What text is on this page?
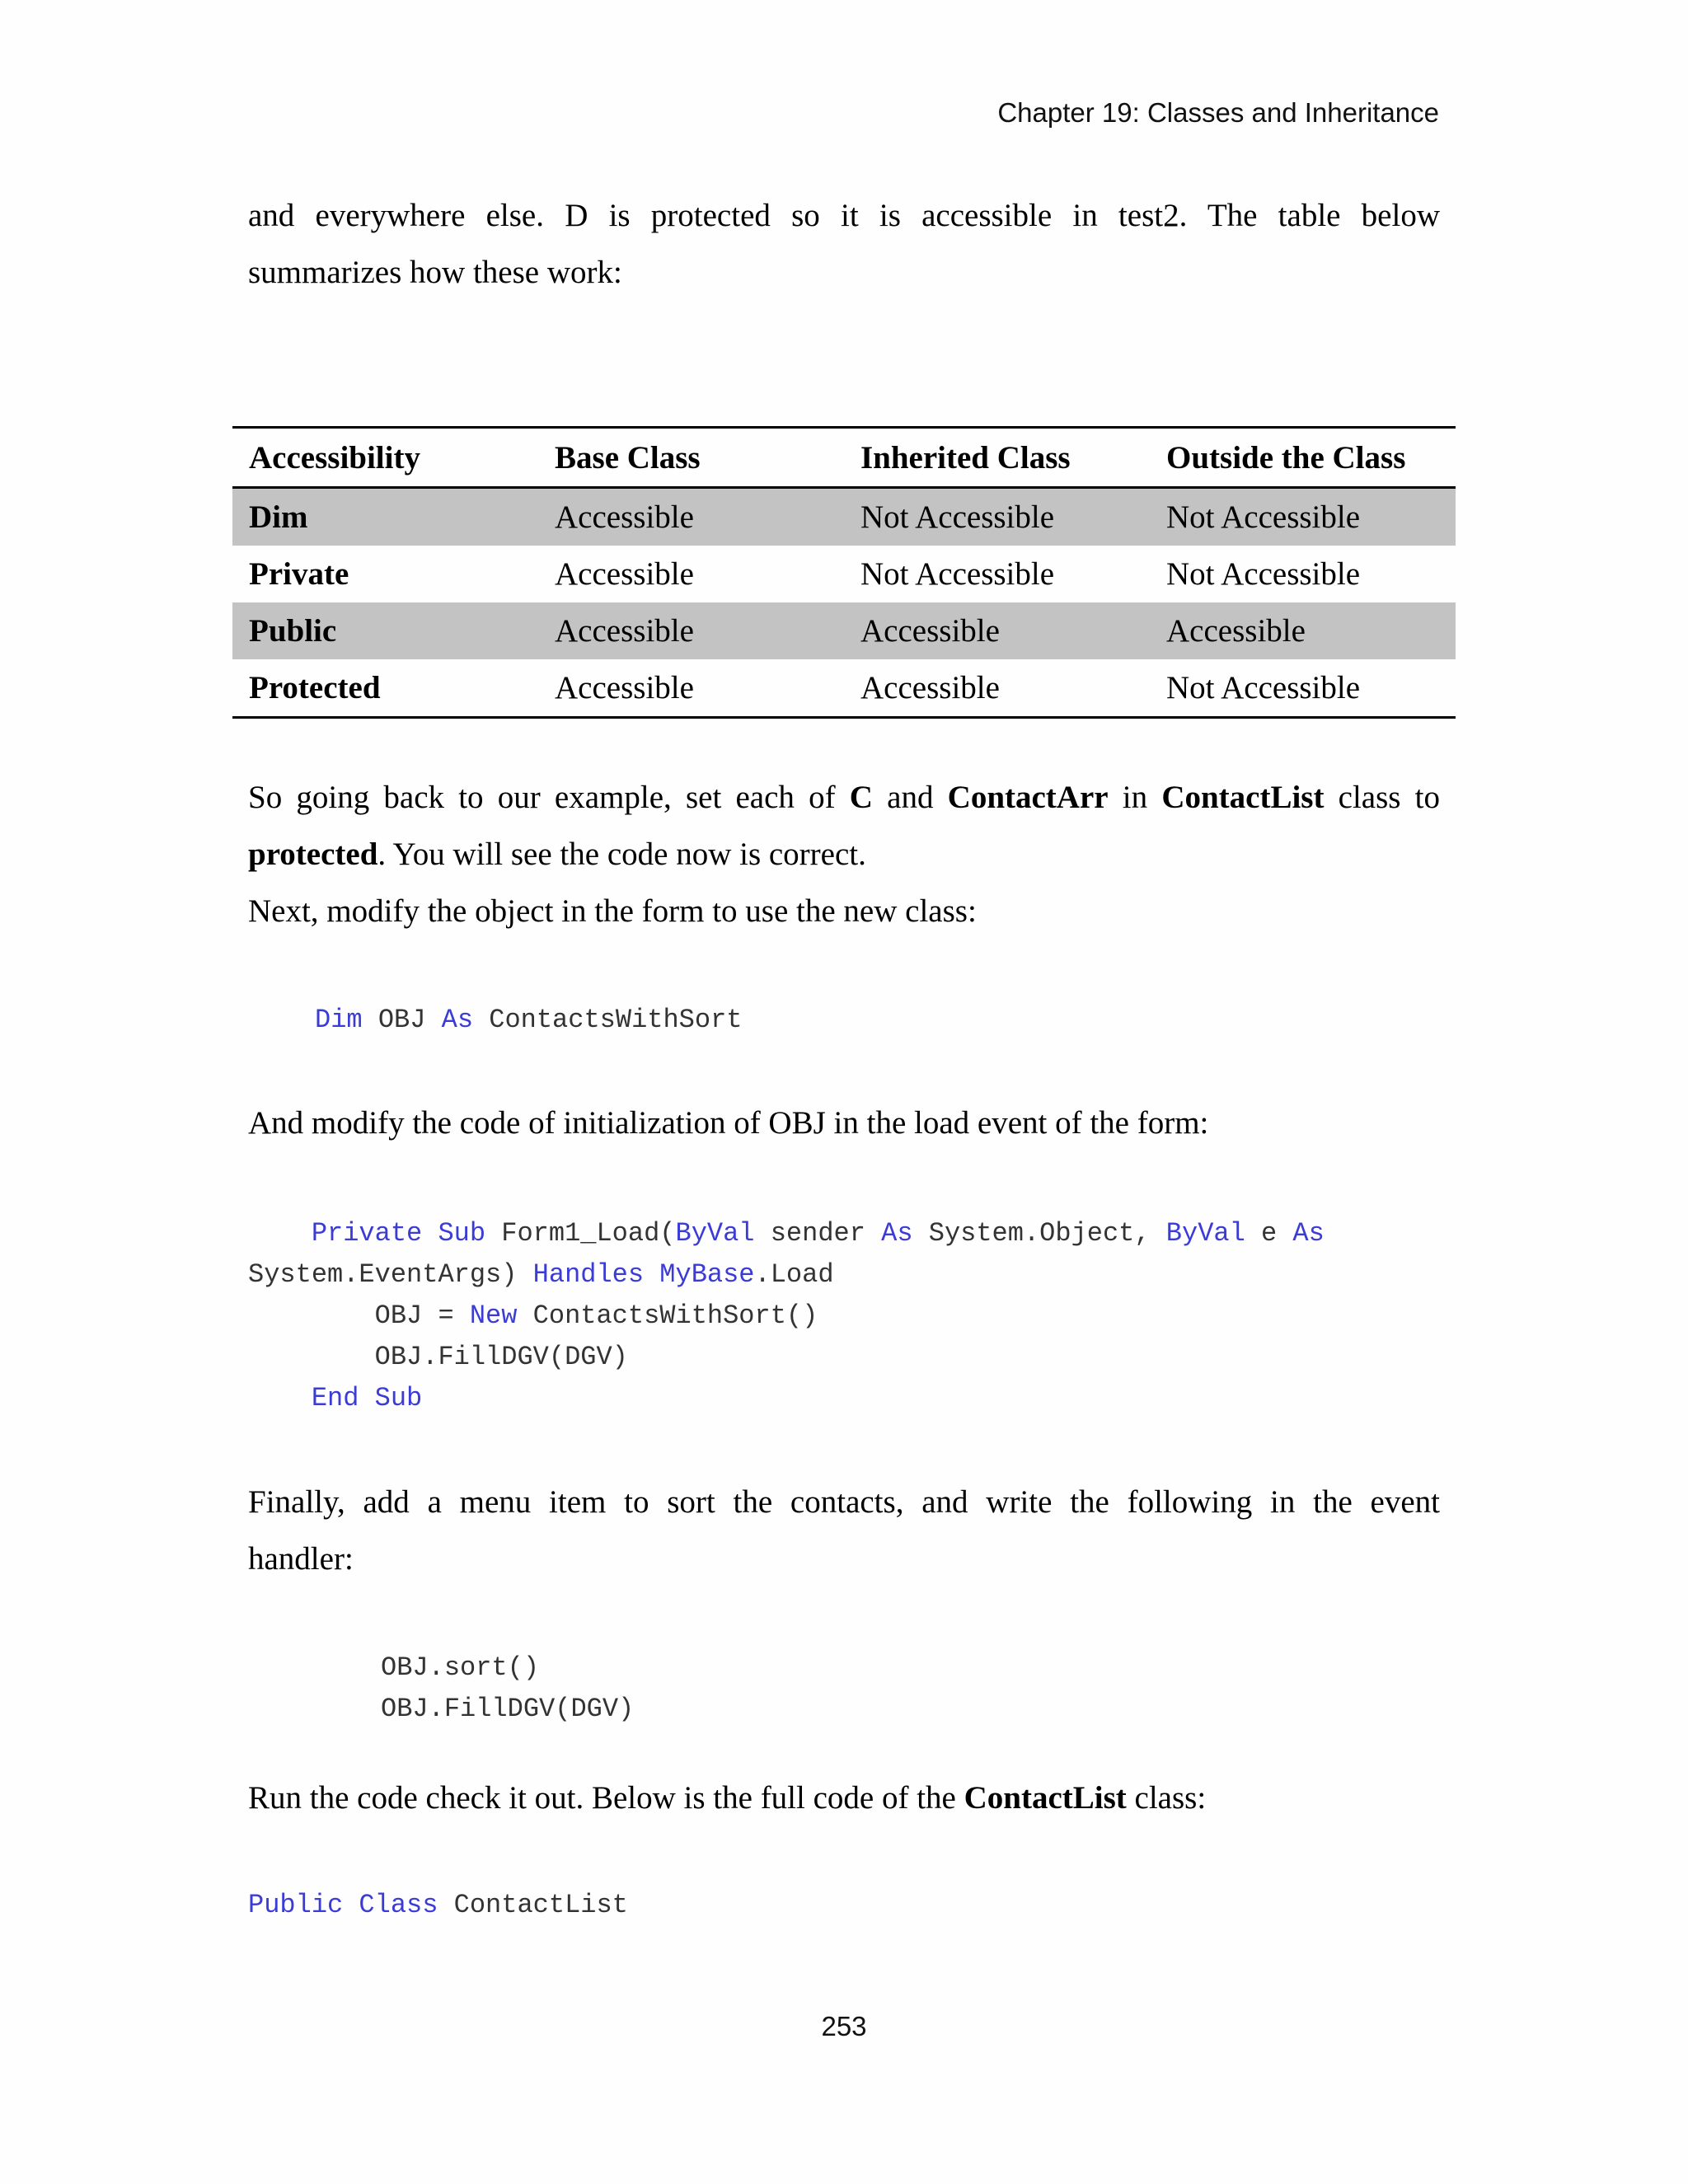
Chapter 19: Classes and Inheritance

and everywhere else. D is protected so it is accessible in test2. The table below

summarizes how these work:

Accessibility	Base Class	Inherited Class	Outside the Class
Dim	Accessible	Not Accessible	Not Accessible
Private	Accessible	Not Accessible	Not Accessible
Public	Accessible	Accessible	Accessible
Protected	Accessible	Accessible	Not Accessible

So going back to our example, set each of C and ContactArr in ContactList class to

protected. You will see the code now is correct.

Next, modify the object in the form to use the new class:

Dim OBJ As ContactsWithSort

And modify the code of initialization of OBJ in the load event of the form:

Private Sub Form1_Load(ByVal sender As System.Object, ByVal e As
System.EventArgs) Handles MyBase.Load
OBJ = New ContactsWithSort()
OBJ.FillDGV(DGV)
End Sub

Finally, add a menu item to sort the contacts, and write the following in the event

handler:

OBJ.sort()
OBJ.FillDGV(DGV)

Run the code check it out. Below is the full code of the ContactList class:

Public Class ContactList
253
